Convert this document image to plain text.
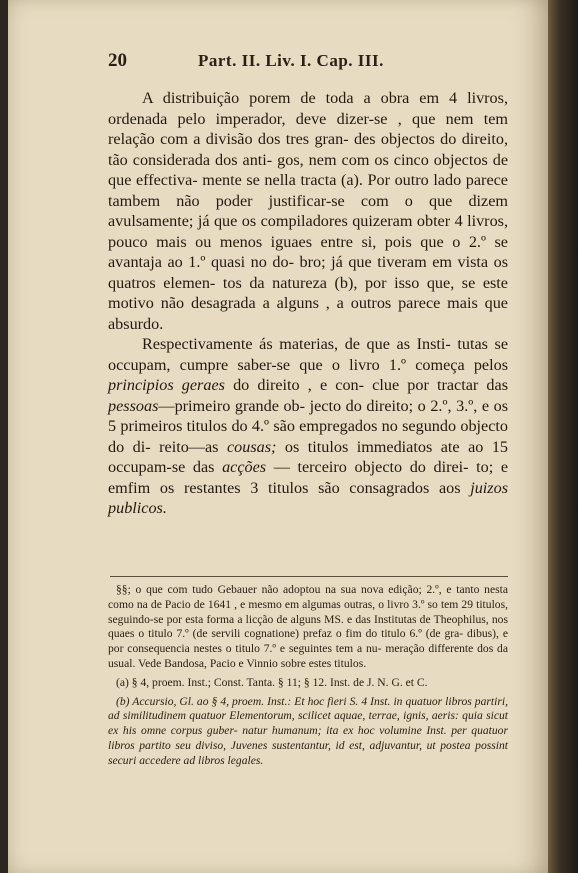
20	Part. II. Liv. I. Cap. III.

A distribuição porem de toda a obra em 4 livros, ordenada pelo imperador, deve dizer-se , que nem tem relação com a divisão dos tres gran- des objectos do direito, tão considerada dos anti- gos, nem com os cinco objectos de que effectiva- mente se nella tracta (a). Por outro lado parece tambem não poder justificar-se com o que dizem avulsamente; já que os compiladores quizeram obter 4 livros, pouco mais ou menos iguaes entre si, pois que o 2.º se avantaja ao 1.º quasi no do- bro; já que tiveram em vista os quatros elemen- tos da natureza (b), por isso que, se este motivo não desagrada a alguns , a outros parece mais que absurdo.

Respectivamente ás materias, de que as Insti- tutas se occupam, cumpre saber-se que o livro 1.º começa pelos principios geraes do direito , e con- clue por tractar das pessoas—primeiro grande ob- jecto do direito; o 2.º, 3.º, e os 5 primeiros titulos do 4.º são empregados no segundo objecto do di- reito—as cousas; os titulos immediatos ate ao 15 occupam-se das acções — terceiro objecto do direi- to; e emfim os restantes 3 titulos são consagrados aos juizos publicos.

§§; o que com tudo Gebauer não adoptou na sua nova edição; 2.º, e tanto nesta como na de Pacio de 1641 , e mesmo em algumas outras, o livro 3.º so tem 29 titulos, seguindo-se por esta forma a licção de alguns MS. e das Institutas de Theophilus, nos quaes o titulo 7.º (de servili cognatione) prefaz o fim do titulo 6.º (de gra- dibus), e por consequencia nestes o titulo 7.º e seguintes tem a nu- meração differente dos da usual. Vede Bandosa, Pacio e Vinnio sobre estes titulos.

(a) § 4, proem. Inst.; Const. Tanta. § 11; § 12. Inst. de J. N. G. et C.

(b) Accursio, Gl. ao § 4, proem. Inst.: Et hoc fieri S. 4 Inst. in quatuor libros partiri, ad similitudinem quatuor Elementorum, scilicet aquae, terrae, ignis, aeris: quia sicut ex his omne corpus guber- natur humanum; ita ex hoc volumine Inst. per quatuor libros partito seu diviso, Juvenes sustentantur, id est, adjuvantur, ut postea possint securi accedere ad libros legales.
